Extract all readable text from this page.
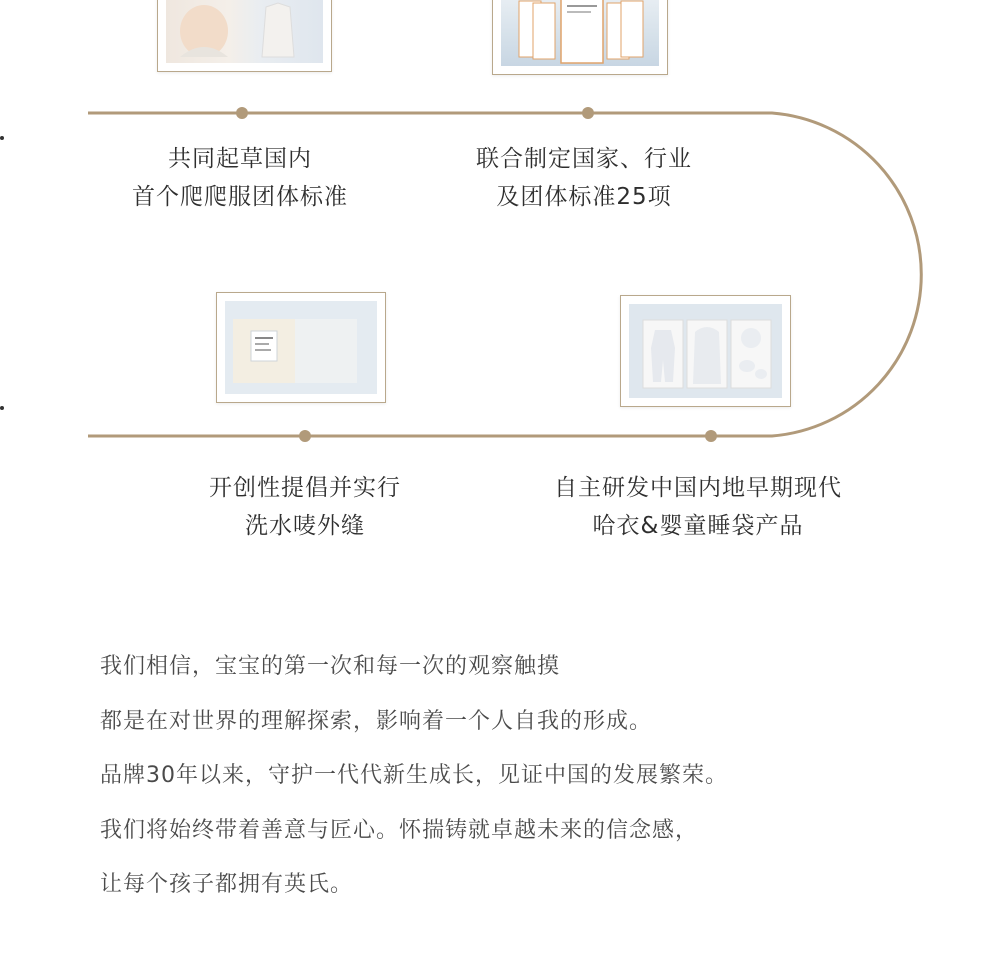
共同起草国内
首个爬爬服团体标准
联合制定国家、行业
及团体标准25项
开创性提倡并实行
洗水唛外缝
自主研发中国内地早期现代
哈衣&婴童睡袋产品
我们相信，宝宝的第一次和每一次的观察触摸
都是在对世界的理解探索，影响着一个人自我的形成。
品牌30年以来，守护一代代新生成长，见证中国的发展繁荣。
我们将始终带着善意与匠心。怀揣铸就卓越未来的信念感，
让每个孩子都拥有英氏。
